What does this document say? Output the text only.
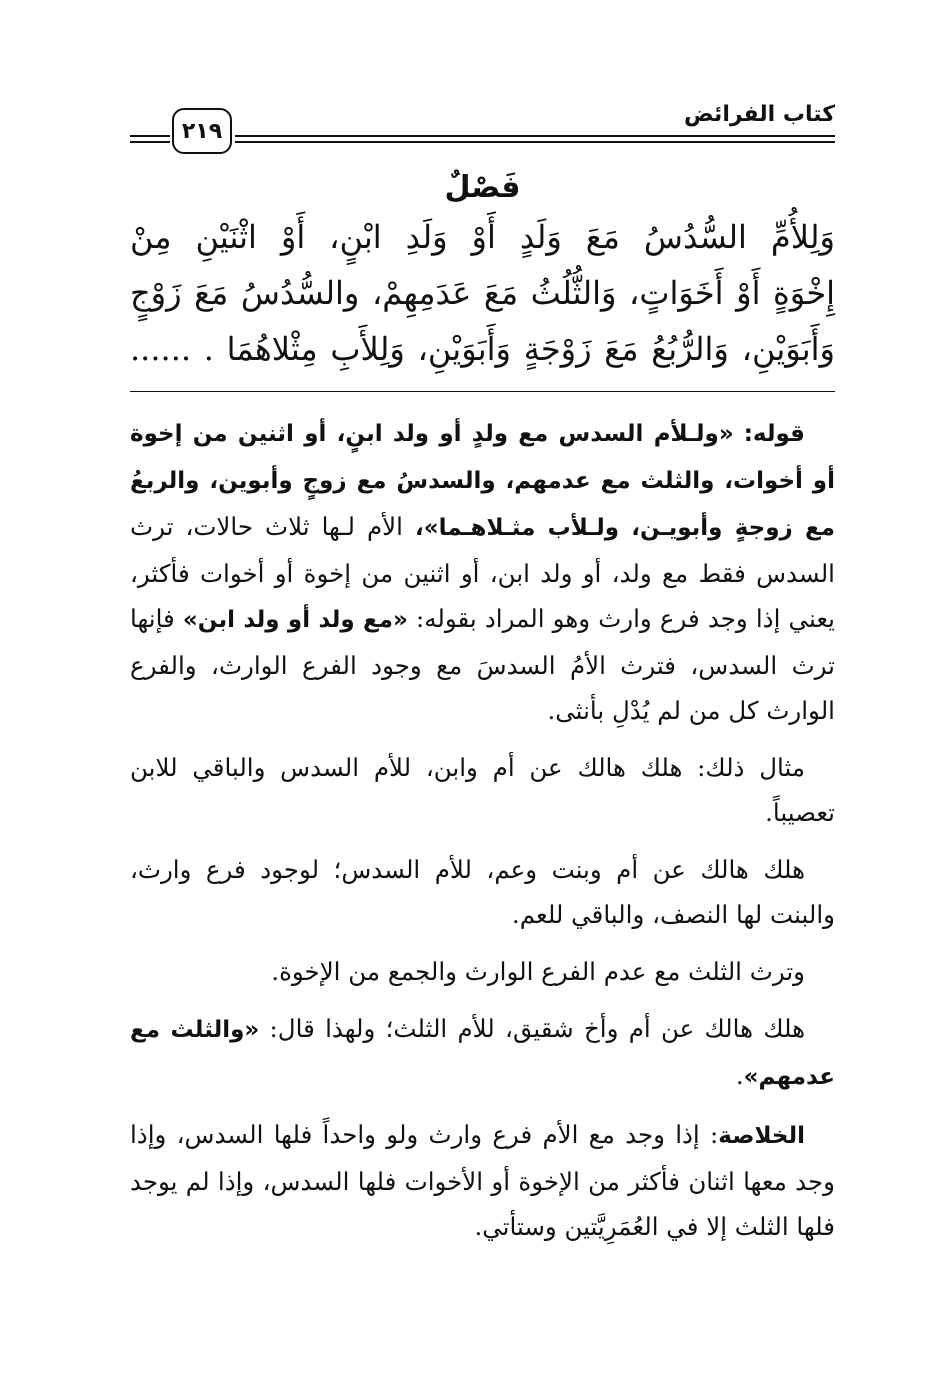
كتاب الفرائض
٢١٩
فَصْلٌ
وَلِلأُمِّ السُّدُسُ مَعَ وَلَدٍ أَوْ وَلَدِ ابْنٍ، أَوْ اثْنَيْنِ مِنْ
إِخْوَةٍ أَوْ أَخَوَاتٍ، وَالثُّلُثُ مَعَ عَدَمِهِمْ، والسُّدُسُ مَعَ زَوْجٍ
وَأَبَوَيْنِ، وَالرُّبُعُ مَعَ زَوْجَةٍ وَأَبَوَيْنِ، وَلِلأَبِ مِثْلاهُمَا . ......

قوله: «ولـلأم السدس مع ولدٍ أو ولد ابنٍ، أو اثنين من إخوة أو أخوات، والثلث مع عدمهم، والسدسُ مع زوجٍ وأبوين، والربعُ مع زوجةٍ وأبويـن، ولـلأب مثـلاهـما»، الأم لـها ثلاث حالات، ترث السدس فقط مع ولد، أو ولد ابن، أو اثنين من إخوة أو أخوات فأكثر، يعني إذا وجد فرع وارث وهو المراد بقوله: «مع ولد أو ولد ابن» فإنها ترث السدس، فترث الأمُ السدسَ مع وجود الفرع الوارث، والفرع الوارث كل من لم يُدْلِ بأنثى.

مثال ذلك: هلك هالك عن أم وابن، للأم السدس والباقي للابن تعصيباً.

هلك هالك عن أم وبنت وعم، للأم السدس؛ لوجود فرع وارث، والبنت لها النصف، والباقي للعم.

وترث الثلث مع عدم الفرع الوارث والجمع من الإخوة.

هلك هالك عن أم وأخ شقيق، للأم الثلث؛ ولهذا قال: «والثلث مع عدمهم».

الخلاصة: إذا وجد مع الأم فرع وارث ولو واحداً فلها السدس، وإذا وجد معها اثنان فأكثر من الإخوة أو الأخوات فلها السدس، وإذا لم يوجد فلها الثلث إلا في العُمَرِيَّتين وستأتي.
